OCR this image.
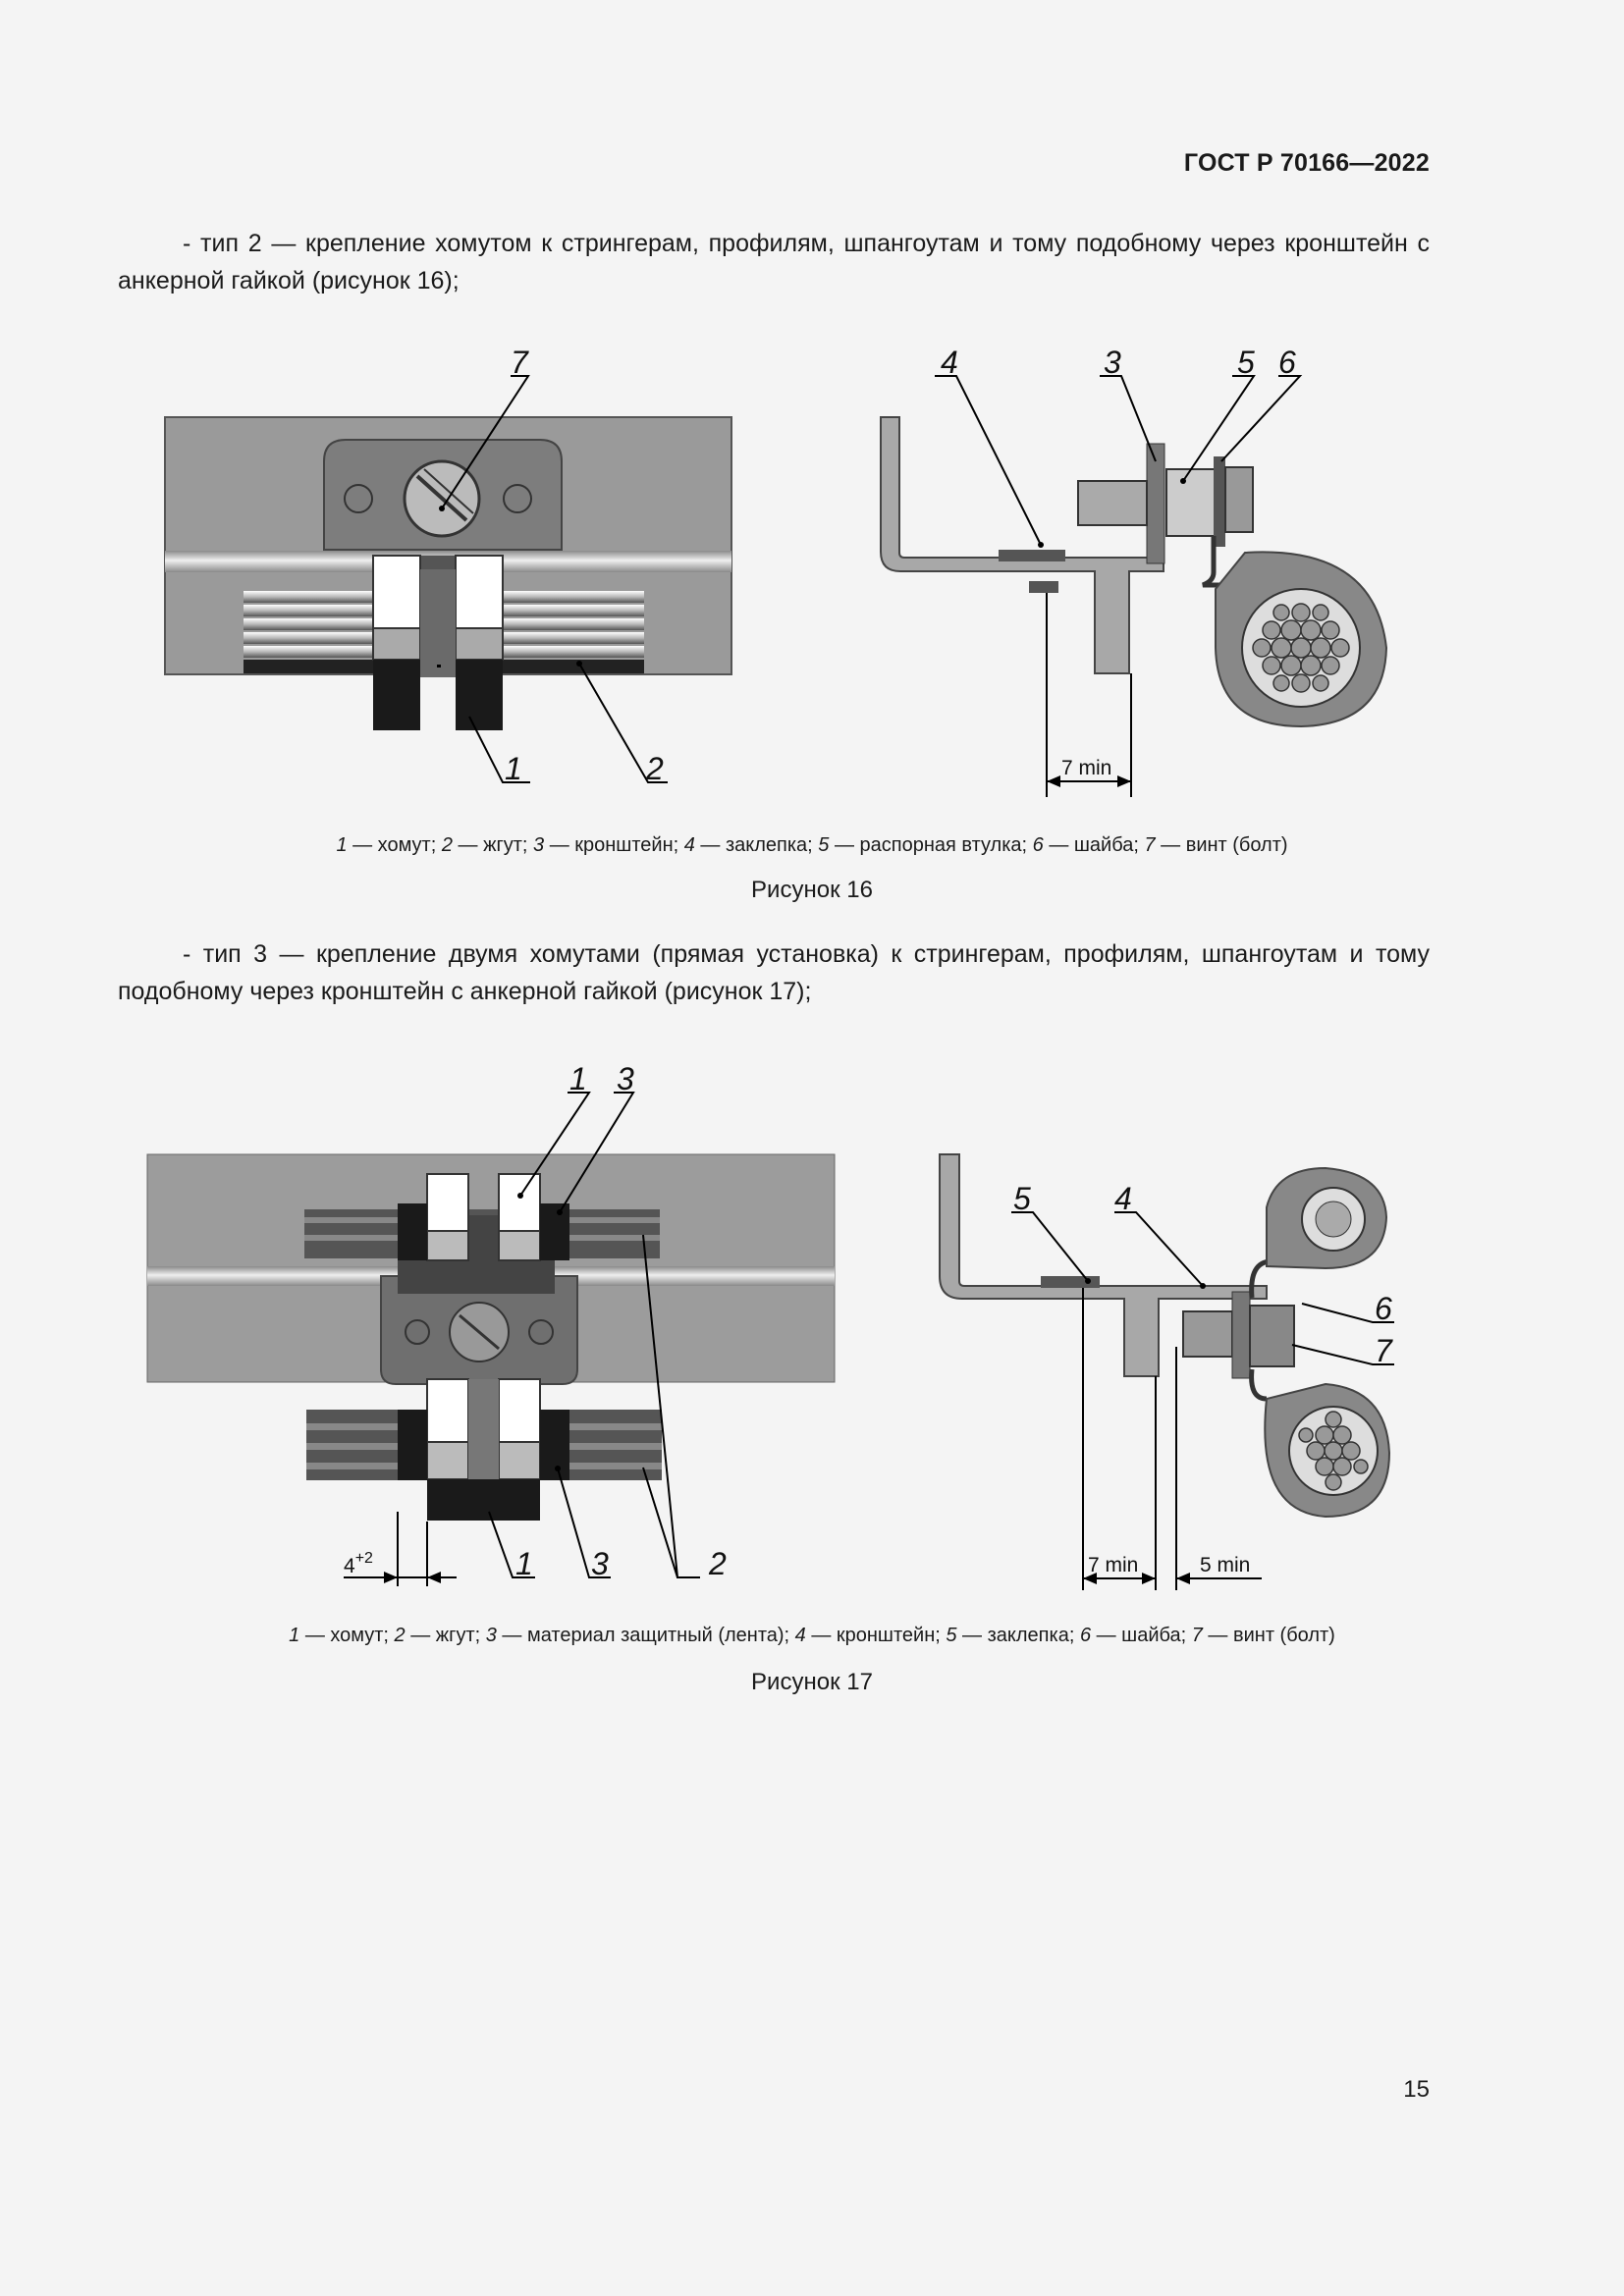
ГОСТ Р 70166—2022
- тип 2 — крепление хомутом к стрингерам, профилям, шпангоутам и тому подобному через кронштейн с анкерной гайкой (рисунок 16);
7
1	2	7 min
4	3	5 6
1 — хомут; 2 — жгут; 3 — кронштейн; 4 — заклепка; 5 — распорная втулка; 6 — шайба; 7 — винт (болт)
Рисунок 16
- тип 3 — крепление двумя хомутами (прямая установка) к стрингерам, профилям, шпангоутам и тому подобному через кронштейн с анкерной гайкой (рисунок 17);
1 3
1 3	2
$4^{+2}$	7 min	5 min
5	4
6
7
1 — хомут; 2 — жгут; 3 — материал защитный (лента); 4 — кронштейн; 5 — заклепка; 6 — шайба; 7 — винт (болт)
Рисунок 17
15
